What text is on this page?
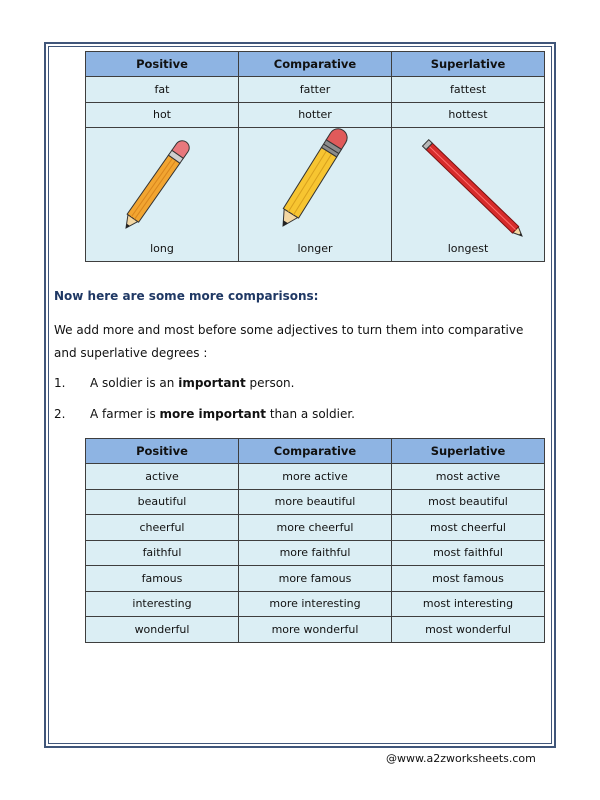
Positive	Comparative	Superlative
fat	fatter	fattest
hot	hotter	hottest

long	longer	longest
Now here are some more comparisons:
We add more and most before some adjectives to turn them into comparative and superlative degrees :
1. A soldier is an important person.
2. A farmer is more important than a soldier.
Positive	Comparative	Superlative
active	more active	most active
beautiful	more beautiful	most beautiful
cheerful	more cheerful	most cheerful
faithful	more faithful	most faithful
famous	more famous	most famous
interesting	more interesting	most interesting
wonderful	more wonderful	most wonderful
@www.a2zworksheets.com
